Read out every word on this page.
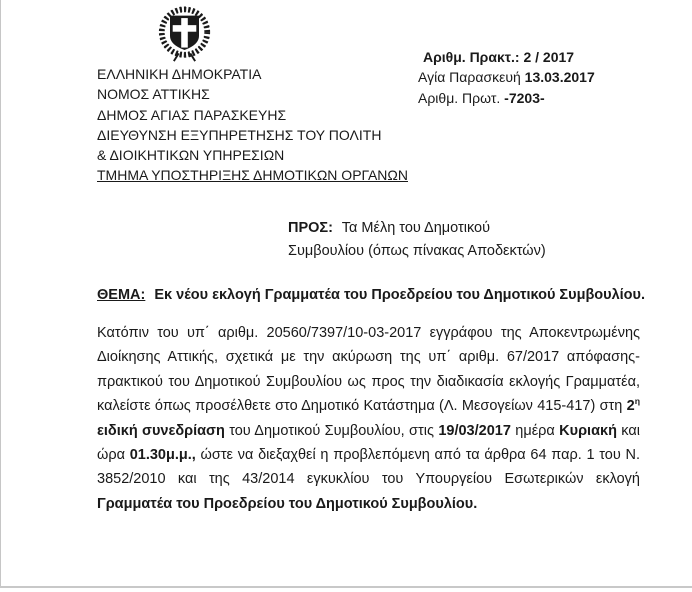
ΕΛΛΗΝΙΚΗ ΔΗΜΟΚΡΑΤΙΑ
ΝΟΜΟΣ ΑΤΤΙΚΗΣ
ΔΗΜΟΣ ΑΓΙΑΣ ΠΑΡΑΣΚΕΥΗΣ
ΔΙΕΥΘΥΝΣΗ ΕΞΥΠΗΡΕΤΗΣΗΣ ΤΟΥ ΠΟΛΙΤΗ
& ΔΙΟΙΚΗΤΙΚΩΝ ΥΠΗΡΕΣΙΩΝ
ΤΜΗΜΑ ΥΠΟΣΤΗΡΙΞΗΣ ΔΗΜΟΤΙΚΩΝ ΟΡΓΑΝΩΝ
Αριθμ. Πρακτ.: 2 / 2017
Αγία Παρασκευή 13.03.2017
Αριθμ. Πρωτ. -7203-
ΠΡΟΣ: Τα Μέλη του Δημοτικού
Συμβουλίου (όπως πίνακας Αποδεκτών)
ΘΕΜΑ: Εκ νέου εκλογή Γραμματέα του Προεδρείου του Δημοτικού Συμβουλίου.
Κατόπιν του υπ΄ αριθμ. 20560/7397/10-03-2017 εγγράφου της Αποκεντρωμένης
Διοίκησης Αττικής, σχετικά με την ακύρωση της υπ΄ αριθμ. 67/2017 απόφασης-
πρακτικού του Δημοτικού Συμβουλίου ως προς την διαδικασία εκλογής Γραμματέα,
καλείστε όπως προσέλθετε στο Δημοτικό Κατάστημα (Λ. Μεσογείων 415-417) στη $2^\eta$
ειδική συνεδρίαση του Δημοτικού Συμβουλίου, στις 19/03/2017 ημέρα Κυριακή και
ώρα 01.30μ.μ., ώστε να διεξαχθεί η προβλεπόμενη από τα άρθρα 64 παρ. 1 του Ν.
3852/2010 και της 43/2014 εγκυκλίου του Υπουργείου Εσωτερικών εκλογή
Γραμματέα του Προεδρείου του Δημοτικού Συμβουλίου.
